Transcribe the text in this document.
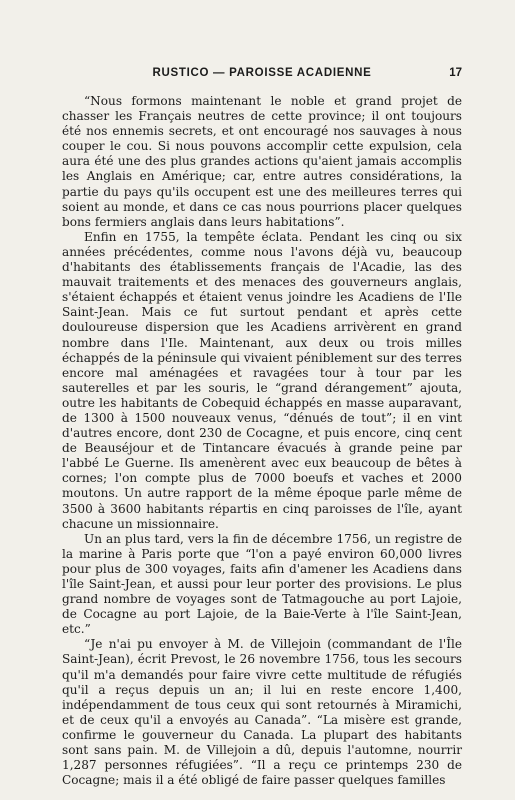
RUSTICO — PAROISSE ACADIENNE	17

“Nous formons maintenant le noble et grand projet de chasser les Français neutres de cette province; il ont toujours été nos ennemis secrets, et ont encouragé nos sauvages à nous couper le cou. Si nous pouvons accomplir cette expulsion, cela aura été une des plus grandes actions qu'aient jamais accomplis les Anglais en Amérique; car, entre autres considérations, la partie du pays qu'ils occupent est une des meilleures terres qui soient au monde, et dans ce cas nous pourrions placer quelques bons fermiers anglais dans leurs habitations”.

Enfin en 1755, la tempête éclata. Pendant les cinq ou six années précédentes, comme nous l'avons déjà vu, beaucoup d'habitants des établissements français de l'Acadie, las des mauvait traitements et des menaces des gouverneurs anglais, s'étaient échappés et étaient venus joindre les Acadiens de l'Ile Saint-Jean. Mais ce fut surtout pendant et après cette douloureuse dispersion que les Acadiens arrivèrent en grand nombre dans l'Ile. Maintenant, aux deux ou trois milles échappés de la péninsule qui vivaient péniblement sur des terres encore mal aménagées et ravagées tour à tour par les sauterelles et par les souris, le “grand dérangement” ajouta, outre les habitants de Cobequid échappés en masse auparavant, de 1300 à 1500 nouveaux venus, “dénués de tout”; il en vint d'autres encore, dont 230 de Cocagne, et puis encore, cinq cent de Beauséjour et de Tintancare évacués à grande peine par l'abbé Le Guerne. Ils amenèrent avec eux beaucoup de bêtes à cornes; l'on compte plus de 7000 boeufs et vaches et 2000 moutons. Un autre rapport de la même époque parle même de 3500 à 3600 habitants répartis en cinq paroisses de l'île, ayant chacune un missionnaire.

Un an plus tard, vers la fin de décembre 1756, un registre de la marine à Paris porte que “l'on a payé environ 60,000 livres pour plus de 300 voyages, faits afin d'amener les Acadiens dans l'île Saint-Jean, et aussi pour leur porter des provisions. Le plus grand nombre de voyages sont de Tatmagouche au port Lajoie, de Cocagne au port Lajoie, de la Baie-Verte à l'île Saint-Jean, etc.”

“Je n'ai pu envoyer à M. de Villejoin (commandant de l'Île Saint-Jean), écrit Prevost, le 26 novembre 1756, tous les secours qu'il m'a demandés pour faire vivre cette multitude de réfugiés qu'il a reçus depuis un an; il lui en reste encore 1,400, indépendamment de tous ceux qui sont retournés à Miramichi, et de ceux qu'il a envoyés au Canada”. “La misère est grande, confirme le gouverneur du Canada. La plupart des habitants sont sans pain. M. de Villejoin a dû, depuis l'automne, nourrir 1,287 personnes réfugiées”. “Il a reçu ce printemps 230 de Cocagne; mais il a été obligé de faire passer quelques familles
